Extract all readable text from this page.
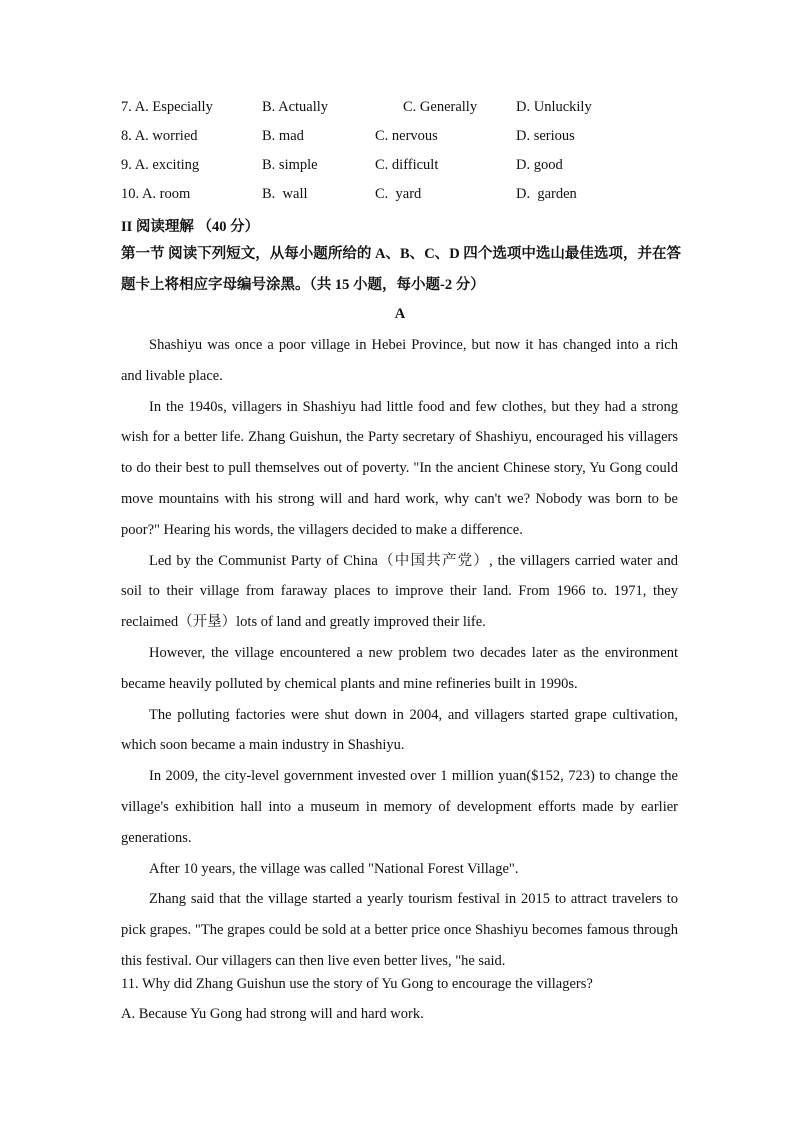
7. A. Especially	B. Actually	C. Generally	D. Unluckily
8. A. worried	B. mad	C. nervous	D. serious
9. A. exciting	B. simple	C. difficult	D. good
10. A. room	B.  wall	C.  yard	D.  garden
II 阅读理解 （40 分）
第一节 阅读下列短文，从每小题所给的 A、B、C、D 四个选项中选山最佳选项，并在答题卡上将相应字母编号涂黑。（共 15 小题，每小题-2 分）
A

Shashiyu was once a poor village in Hebei Province, but now it has changed into a rich and livable place.

In the 1940s, villagers in Shashiyu had little food and few clothes, but they had a strong wish for a better life. Zhang Guishun, the Party secretary of Shashiyu, encouraged his villagers to do their best to pull themselves out of poverty. "In the ancient Chinese story, Yu Gong could move mountains with his strong will and hard work, why can't we? Nobody was born to be poor?" Hearing his words, the villagers decided to make a difference.

Led by the Communist Party of China（中国共产党）, the villagers carried water and soil to their village from faraway places to improve their land. From 1966 to. 1971, they reclaimed（开垦）lots of land and greatly improved their life.

However, the village encountered a new problem two decades later as the environment became heavily polluted by chemical plants and mine refineries built in 1990s.

The polluting factories were shut down in 2004, and villagers started grape cultivation, which soon became a main industry in Shashiyu.

In 2009, the city-level government invested over 1 million yuan($152, 723) to change the village's exhibition hall into a museum in memory of development efforts made by earlier generations.

After 10 years, the village was called "National Forest Village".

Zhang said that the village started a yearly tourism festival in 2015 to attract travelers to pick grapes. "The grapes could be sold at a better price once Shashiyu becomes famous through this festival. Our villagers can then live even better lives, "he said.

11. Why did Zhang Guishun use the story of Yu Gong to encourage the villagers?
A. Because Yu Gong had strong will and hard work.
